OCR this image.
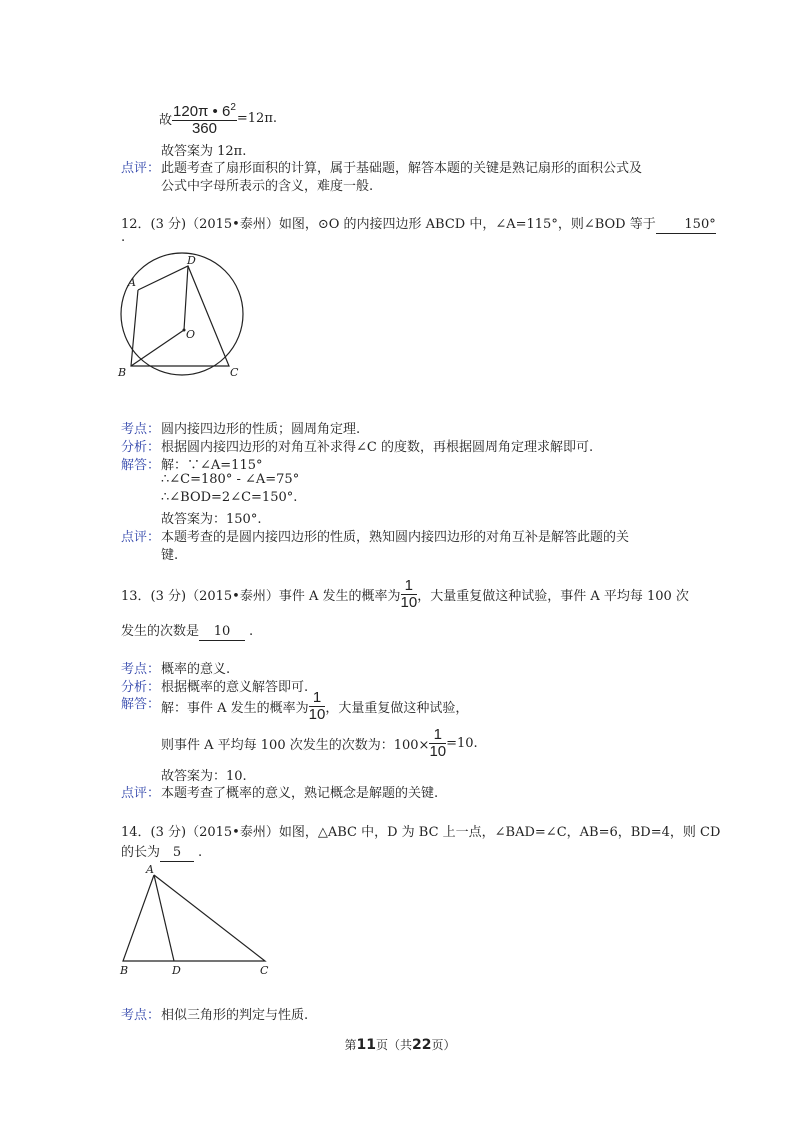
故 $\frac{120\pi • 6^2}{360} =12\pi$.
故答案为 12π.
点评： 此题考查了扇形面积的计算，属于基础题，解答本题的关键是熟记扇形的面积公式及
公式中字母所表示的含义，难度一般.
12．(3 分)（2015•泰州）如图，⊙O 的内接四边形 ABCD 中，∠A=115°，则∠BOD 等于 150°
.
A
D
O
B	C
考点： 圆内接四边形的性质；圆周角定理.
分析： 根据圆内接四边形的对角互补求得∠C 的度数，再根据圆周角定理求解即可.
解答： 解：∵∠A=115°
∴∠C=180° - ∠A=75°
∴∠BOD=2∠C=150°.
故答案为：150°.
点评： 本题考查的是圆内接四边形的性质，熟知圆内接四边形的对角互补是解答此题的关
键.
13．(3 分)（2015•泰州）事件 A 发生的概率为 $\frac{1}{10}$ ，大量重复做这种试验，事件 A 平均每 100 次
发生的次数是 10 .
考点： 概率的意义.
分析： 根据概率的意义解答即可.
解答： 解：事件 A 发生的概率为 $\frac{1}{10}$ ，大量重复做这种试验，
则事件 A 平均每 100 次发生的次数为：$100\times \frac{1}{10} =10$.
故答案为：10.
点评： 本题考查了概率的意义，熟记概念是解题的关键.
14．(3 分)（2015•泰州）如图，△ABC 中，D 为 BC 上一点，∠BAD=∠C，AB=6，BD=4，则 CD
的长为 5 .
A
B	D	C
考点： 相似三角形的判定与性质.
第11页（共22页）
